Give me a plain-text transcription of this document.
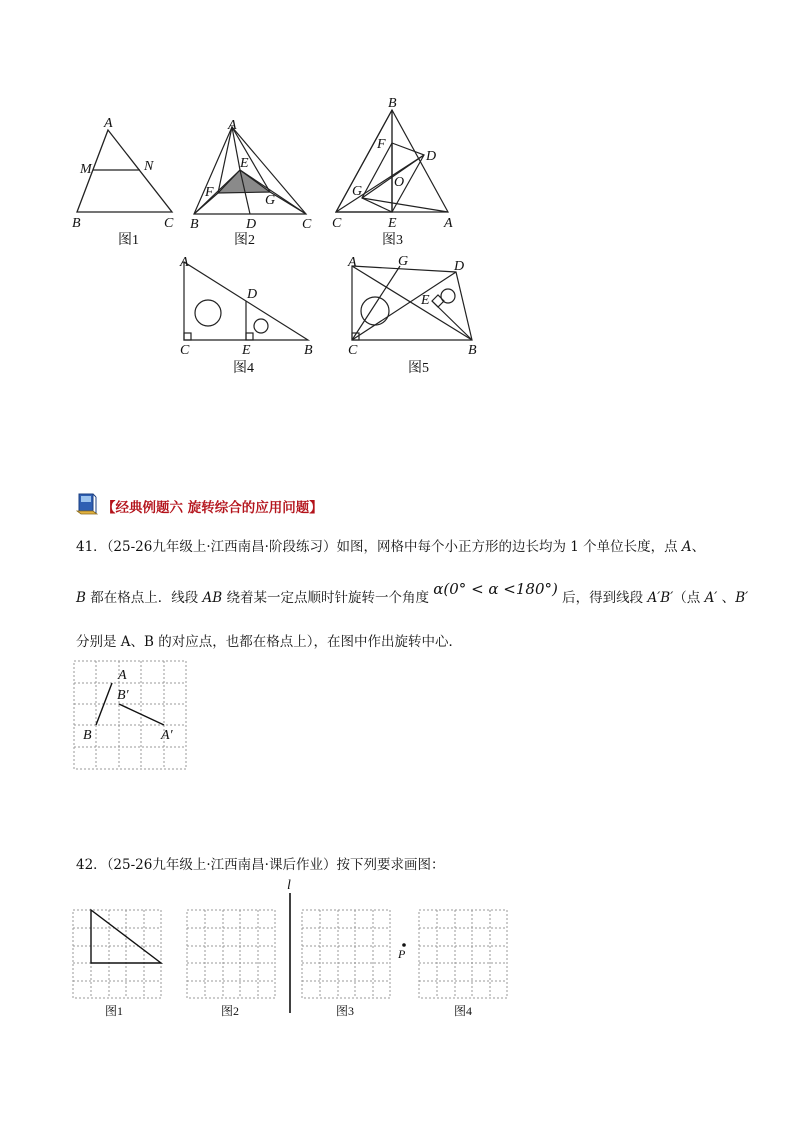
A
M	N
B	C
图1
A
E
F
G
B	D	C
图2
B
F
D
G
O
C	E	A
图3
A
D
C	E	B
图4
A	G	D
E
C	B
图5
【经典例题六 旋转综合的应用问题】
41．（25-26九年级上·江西南昌·阶段练习）如图，网格中每个小正方形的边长均为 1 个单位长度，点 A、
B 都在格点上．线段 AB 绕着某一定点顺时针旋转一个角度 α(0° < α <180°) 后，得到线段 A′B′（点 A′ 、B′
分别是 A、B 的对应点，也都在格点上），在图中作出旋转中心．
A
B′
B	A′
42．（25-26九年级上·江西南昌·课后作业）按下列要求画图：
l
P
图1	图2	图3	图4
